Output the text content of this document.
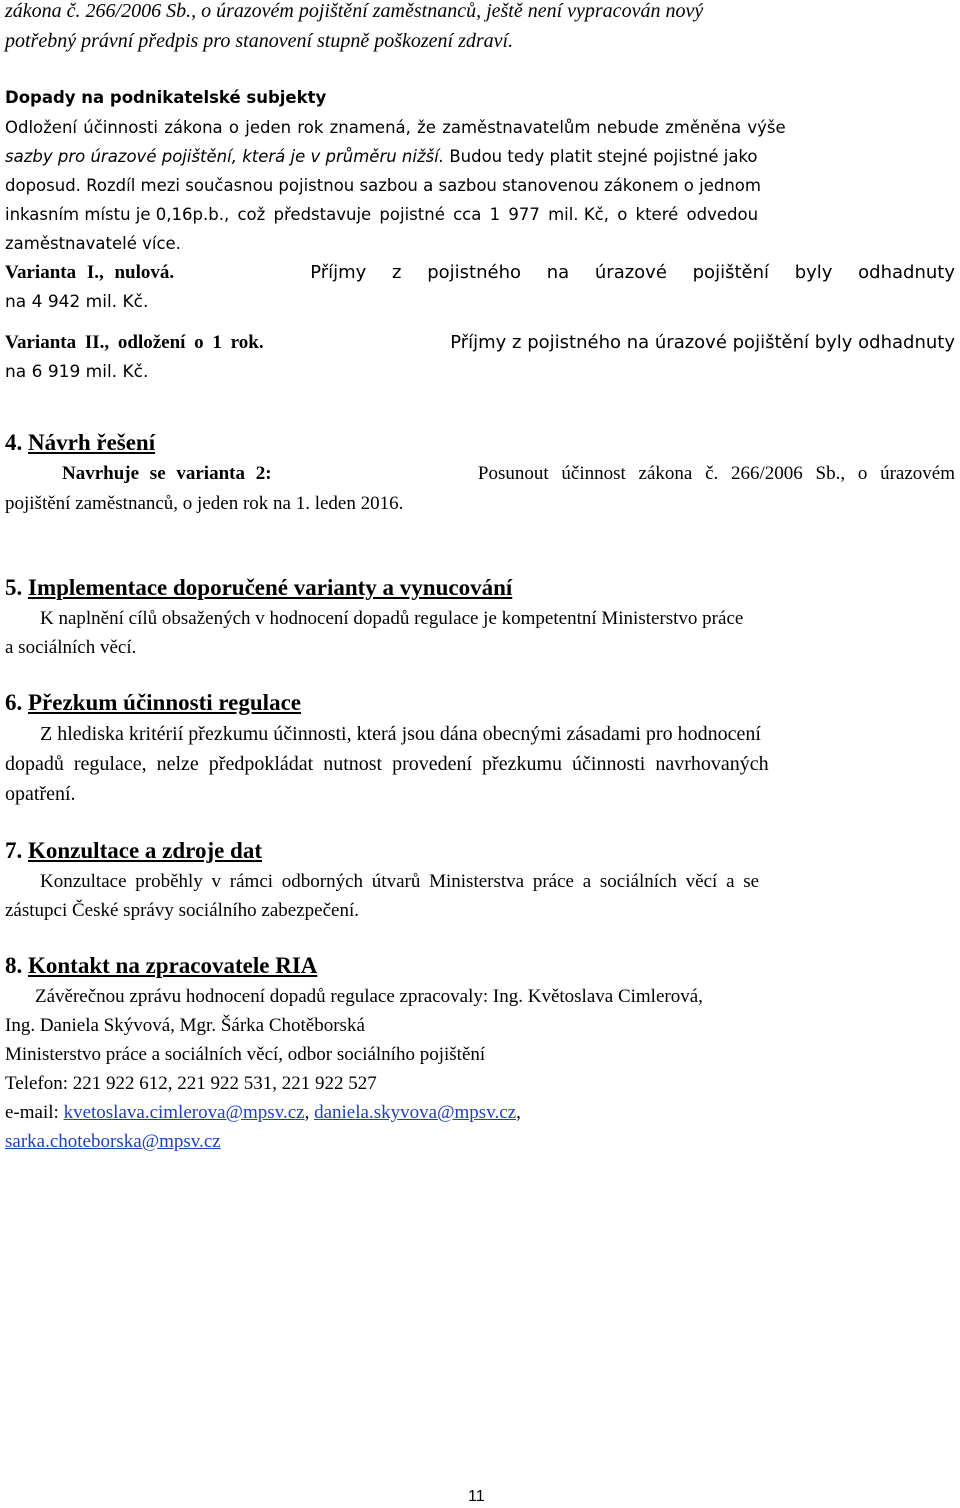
zákona č. 266/2006 Sb., o úrazovém pojištění zaměstnanců, ještě není vypracován nový
potřebný právní předpis pro stanovení stupně poškození zdraví.
Dopady na podnikatelské subjekty
Odložení účinnosti zákona o jeden rok znamená, že zaměstnavatelům nebude změněna výše
sazby pro úrazové pojištění, která je v průměru nižší. Budou tedy platit stejné pojistné jako
doposud. Rozdíl mezi současnou pojistnou sazbou a sazbou stanovenou zákonem o jednom
inkasním místu je 0,16p.b., což představuje pojistné cca 1 977 mil. Kč, o které odvedou
zaměstnavatelé více.
Varianta I., nulová.	Příjmy z pojistného na úrazové pojištění byly odhadnuty
na 4 942 mil. Kč.
Varianta II., odložení o 1 rok.	Příjmy z pojistného na úrazové pojištění byly odhadnuty
na 6 919 mil. Kč.
4. Návrh řešení
Navrhuje se varianta 2:	Posunout účinnost zákona č. 266/2006 Sb., o úrazovém
pojištění zaměstnanců, o jeden rok na 1. leden 2016.
5. Implementace doporučené varianty a vynucování
K naplnění cílů obsažených v hodnocení dopadů regulace je kompetentní Ministerstvo práce
a sociálních věcí.
6. Přezkum účinnosti regulace
Z hlediska kritérií přezkumu účinnosti, která jsou dána obecnými zásadami pro hodnocení
dopadů regulace, nelze předpokládat nutnost provedení přezkumu účinnosti navrhovaných
opatření.
7. Konzultace a zdroje dat
Konzultace proběhly v rámci odborných útvarů Ministerstva práce a sociálních věcí a se
zástupci České správy sociálního zabezpečení.
8. Kontakt na zpracovatele RIA
Závěrečnou zprávu hodnocení dopadů regulace zpracovaly: Ing. Květoslava Cimlerová,
Ing. Daniela Skývová, Mgr. Šárka Chotěborská
Ministerstvo práce a sociálních věcí, odbor sociálního pojištění
Telefon: 221 922 612, 221 922 531, 221 922 527
e-mail: kvetoslava.cimlerova@mpsv.cz, daniela.skyvova@mpsv.cz,
sarka.choteborska@mpsv.cz
11
